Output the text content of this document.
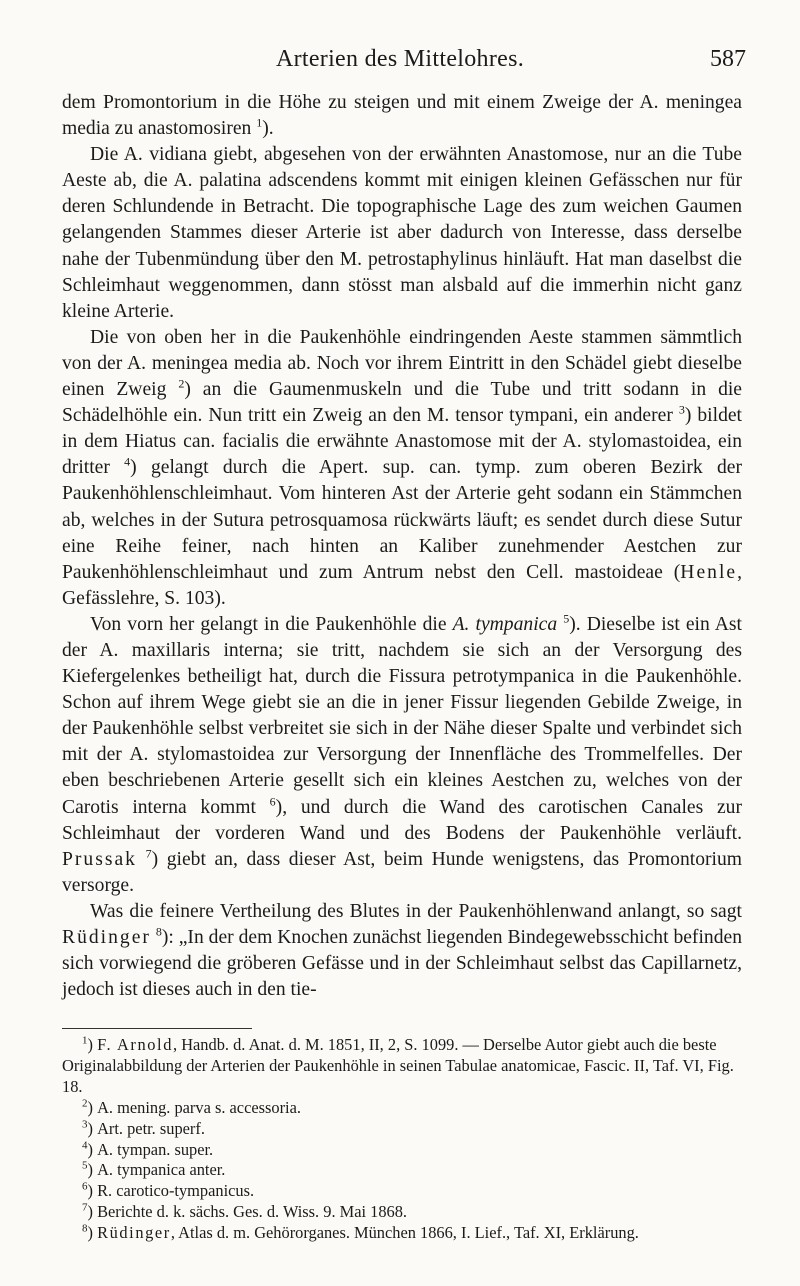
Arterien des Mittelohres.	587

dem Promontorium in die Höhe zu steigen und mit einem Zweige der A. meningea media zu anastomosiren $^1$).

Die A. vidiana giebt, abgesehen von der erwähnten Anastomose, nur an die Tube Aeste ab, die A. palatina adscendens kommt mit einigen kleinen Gefässchen nur für deren Schlundende in Betracht. Die topographische Lage des zum weichen Gaumen gelangenden Stammes dieser Arterie ist aber dadurch von Interesse, dass derselbe nahe der Tubenmündung über den M. petrostaphylinus hinläuft. Hat man daselbst die Schleimhaut weggenommen, dann stösst man alsbald auf die immerhin nicht ganz kleine Arterie.

Die von oben her in die Paukenhöhle eindringenden Aeste stammen sämmtlich von der A. meningea media ab. Noch vor ihrem Eintritt in den Schädel giebt dieselbe einen Zweig $^2$) an die Gaumenmuskeln und die Tube und tritt sodann in die Schädelhöhle ein. Nun tritt ein Zweig an den M. tensor tympani, ein anderer $^3$) bildet in dem Hiatus can. facialis die erwähnte Anastomose mit der A. stylomastoidea, ein dritter $^4$) gelangt durch die Apert. sup. can. tymp. zum oberen Bezirk der Paukenhöhlenschleimhaut. Vom hinteren Ast der Arterie geht sodann ein Stämmchen ab, welches in der Sutura petrosquamosa rückwärts läuft; es sendet durch diese Sutur eine Reihe feiner, nach hinten an Kaliber zunehmender Aestchen zur Paukenhöhlenschleimhaut und zum Antrum nebst den Cell. mastoideae (Henle, Gefässlehre, S. 103).

Von vorn her gelangt in die Paukenhöhle die A. tympanica $^5$). Dieselbe ist ein Ast der A. maxillaris interna; sie tritt, nachdem sie sich an der Versorgung des Kiefergelenkes betheiligt hat, durch die Fissura petrotympanica in die Paukenhöhle. Schon auf ihrem Wege giebt sie an die in jener Fissur liegenden Gebilde Zweige, in der Paukenhöhle selbst verbreitet sie sich in der Nähe dieser Spalte und verbindet sich mit der A. stylomastoidea zur Versorgung der Innenfläche des Trommelfelles. Der eben beschriebenen Arterie gesellt sich ein kleines Aestchen zu, welches von der Carotis interna kommt $^6$), und durch die Wand des carotischen Canales zur Schleimhaut der vorderen Wand und des Bodens der Paukenhöhle verläuft. Prussak $^7$) giebt an, dass dieser Ast, beim Hunde wenigstens, das Promontorium versorge.

Was die feinere Vertheilung des Blutes in der Paukenhöhlenwand anlangt, so sagt Rüdinger $^8$): „In der dem Knochen zunächst liegenden Bindegewebsschicht befinden sich vorwiegend die gröberen Gefässe und in der Schleimhaut selbst das Capillarnetz, jedoch ist dieses auch in den tie-

$^1$) F. Arnold, Handb. d. Anat. d. M. 1851, II, 2, S. 1099. — Derselbe Autor giebt auch die beste Originalabbildung der Arterien der Paukenhöhle in seinen Tabulae anatomicae, Fascic. II, Taf. VI, Fig. 18.
$^2$) A. mening. parva s. accessoria.
$^3$) Art. petr. superf.
$^4$) A. tympan. super.
$^5$) A. tympanica anter.
$^6$) R. carotico-tympanicus.
$^7$) Berichte d. k. sächs. Ges. d. Wiss. 9. Mai 1868.
$^8$) Rüdinger, Atlas d. m. Gehörorganes. München 1866, I. Lief., Taf. XI, Erklärung.
